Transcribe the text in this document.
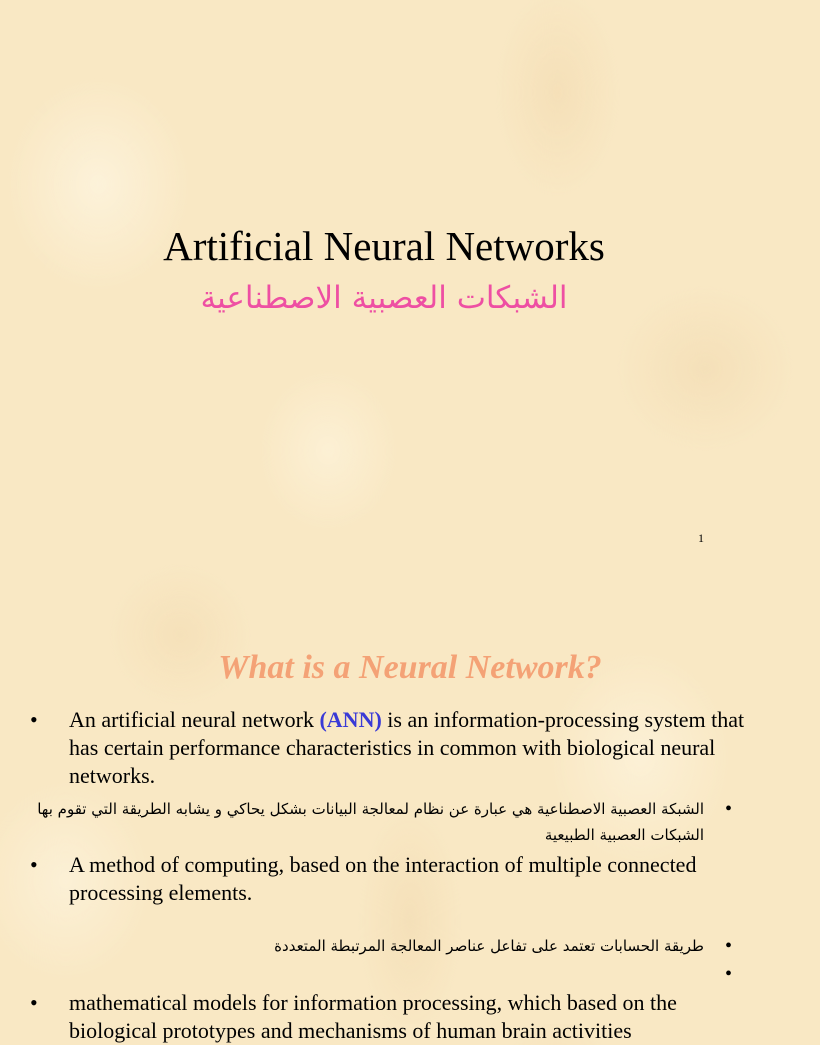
Artificial Neural Networks
الشبكات العصبية الاصطناعية
1
What is a Neural Network?
• An artificial neural network (ANN) is an information-processing system that has certain performance characteristics in common with biological neural networks.
•
الشبكة العصبية الاصطناعية هي عبارة عن نظام لمعالجة البيانات بشكل يحاكي و يشابه الطريقة التي تقوم بها الشبكات العصبية الطبيعية
• A method of computing, based on the interaction of multiple connected processing elements.
•
طريقة الحسابات تعتمد على تفاعل عناصر المعالجة المرتبطة المتعددة
•
• mathematical models for information processing, which based on the biological prototypes and mechanisms of human brain activities
